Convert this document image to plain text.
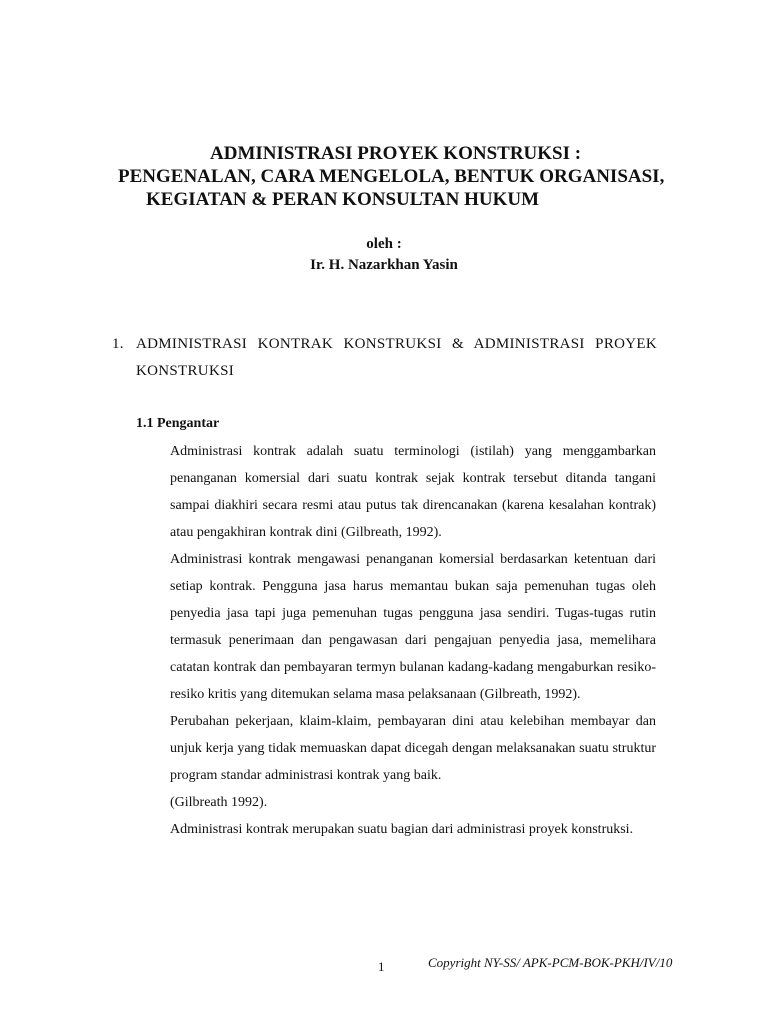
ADMINISTRASI PROYEK KONSTRUKSI :
PENGENALAN, CARA MENGELOLA, BENTUK ORGANISASI,
KEGIATAN & PERAN KONSULTAN HUKUM
oleh :
Ir. H. Nazarkhan Yasin
1. ADMINISTRASI KONTRAK KONSTRUKSI & ADMINISTRASI PROYEK KONSTRUKSI
1.1 Pengantar

Administrasi kontrak adalah suatu terminologi (istilah) yang menggambarkan penanganan komersial dari suatu kontrak sejak kontrak tersebut ditanda tangani sampai diakhiri secara resmi atau putus tak direncanakan (karena kesalahan kontrak) atau pengakhiran kontrak dini (Gilbreath, 1992).

Administrasi kontrak mengawasi penanganan komersial berdasarkan ketentuan dari setiap kontrak. Pengguna jasa harus memantau bukan saja pemenuhan tugas oleh penyedia jasa tapi juga pemenuhan tugas pengguna jasa sendiri. Tugas-tugas rutin termasuk penerimaan dan pengawasan dari pengajuan penyedia jasa, memelihara catatan kontrak dan pembayaran termyn bulanan kadang-kadang mengaburkan resiko-resiko kritis yang ditemukan selama masa pelaksanaan (Gilbreath, 1992).

Perubahan pekerjaan, klaim-klaim, pembayaran dini atau kelebihan membayar dan unjuk kerja yang tidak memuaskan dapat dicegah dengan melaksanakan suatu struktur program standar administrasi kontrak yang baik.

(Gilbreath 1992).

Administrasi kontrak merupakan suatu bagian dari administrasi proyek konstruksi.

1	Copyright NY-SS/ APK-PCM-BOK-PKH/IV/10
